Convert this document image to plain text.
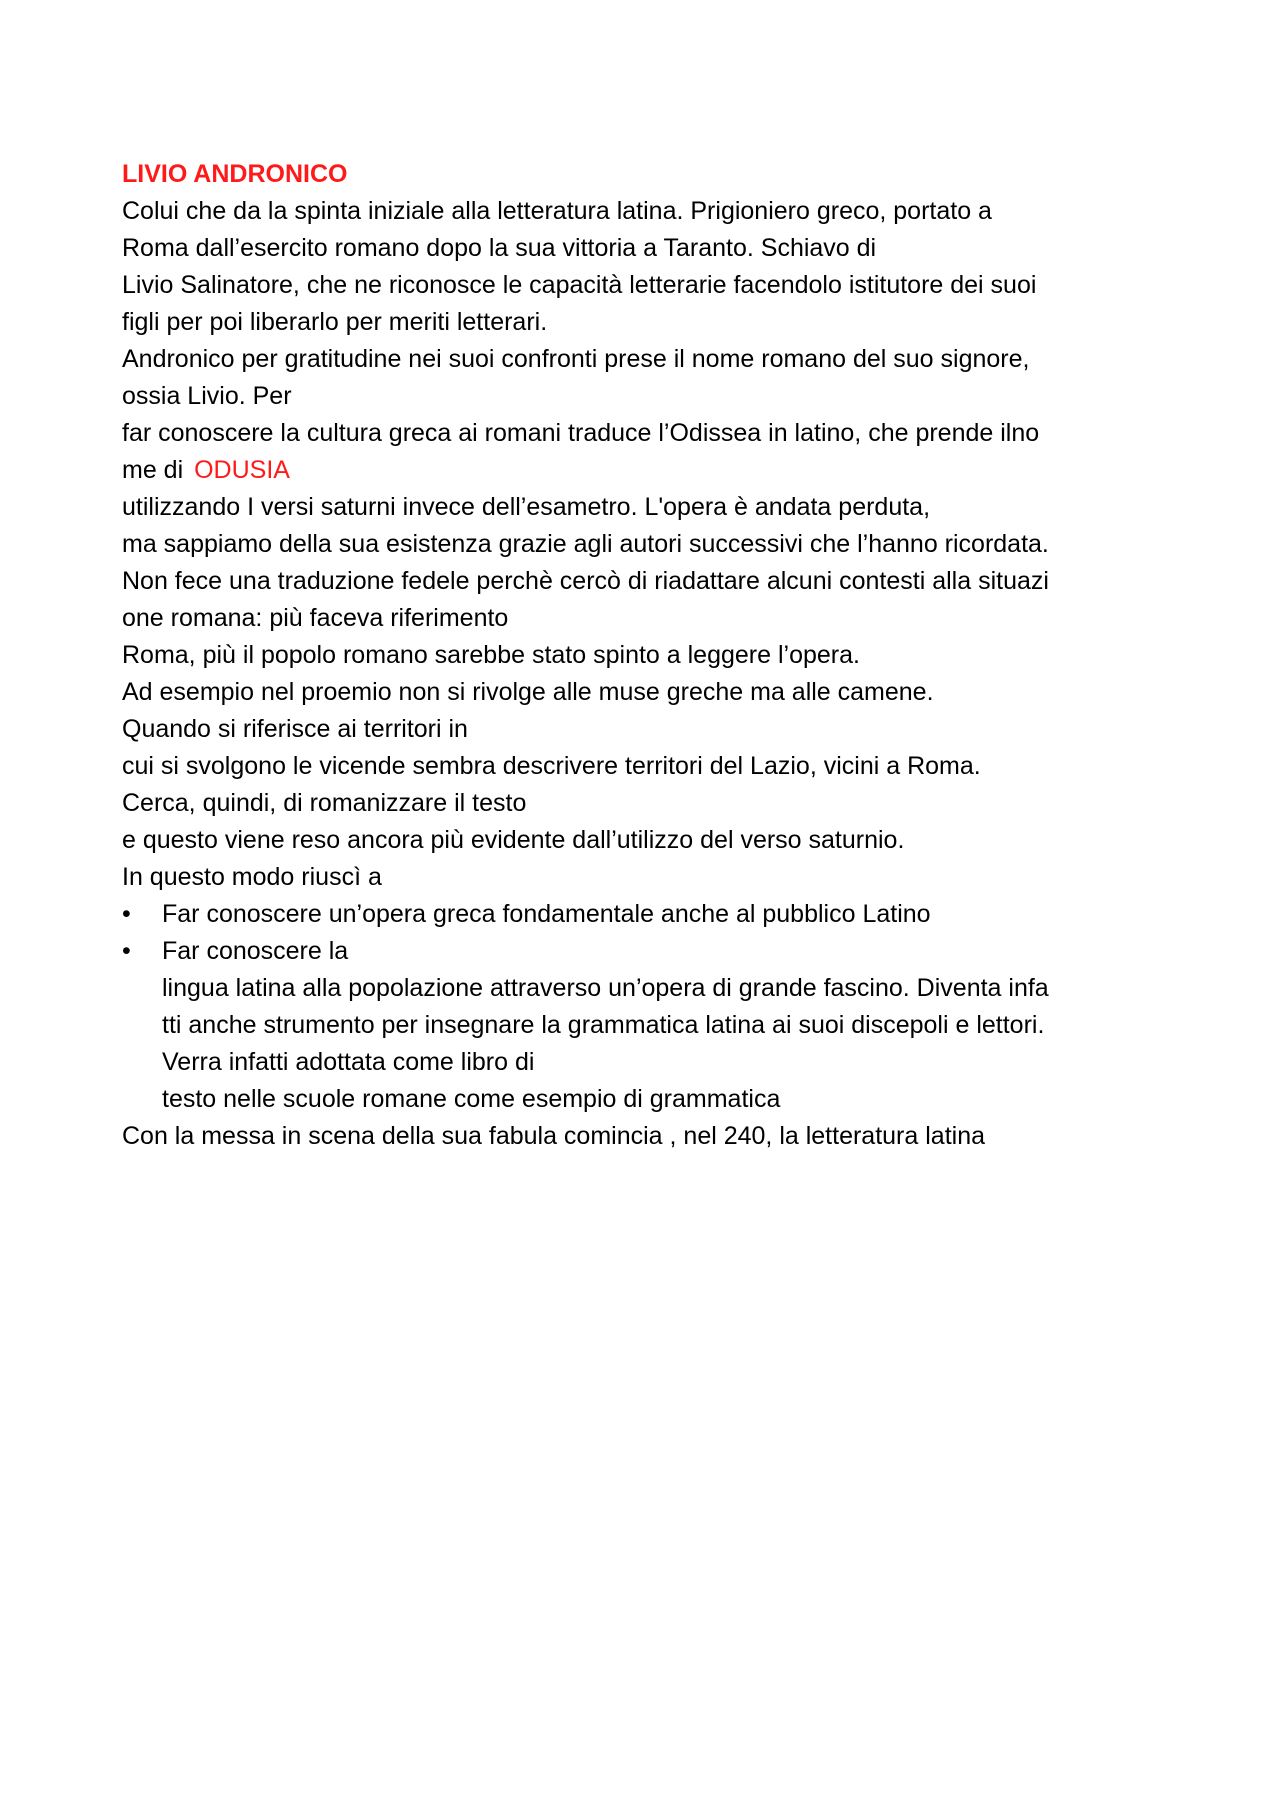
LIVIO ANDRONICO
Colui che da la spinta iniziale alla letteratura latina. Prigioniero greco, portato a
Roma dall’esercito romano dopo la sua vittoria a Taranto. Schiavo di
Livio Salinatore, che ne riconosce le capacità letterarie facendolo istitutore dei suoi
figli per poi liberarlo per meriti letterari.
Andronico per gratitudine nei suoi confronti prese il nome romano del suo signore,
ossia Livio. Per
far conoscere la cultura greca ai romani traduce l’Odissea in latino, che prende ilno
me di ODUSIA
utilizzando I versi saturni invece dell’esametro. L'opera è andata perduta,
ma sappiamo della sua esistenza grazie agli autori successivi che l’hanno ricordata.
Non fece una traduzione fedele perchè cercò di riadattare alcuni contesti alla situazi
one romana: più faceva riferimento
Roma, più il popolo romano sarebbe stato spinto a leggere l’opera.
Ad esempio nel proemio non si rivolge alle muse greche ma alle camene.
Quando si riferisce ai territori in
cui si svolgono le vicende sembra descrivere territori del Lazio, vicini a Roma.
Cerca, quindi, di romanizzare il testo
e questo viene reso ancora più evidente dall’utilizzo del verso saturnio.
In questo modo riuscì a
• Far conoscere un’opera greca fondamentale anche al pubblico Latino
• Far conoscere la
lingua latina alla popolazione attraverso un’opera di grande fascino. Diventa infa
tti anche strumento per insegnare la grammatica latina ai suoi discepoli e lettori.
Verra infatti adottata come libro di
testo nelle scuole romane come esempio di grammatica
Con la messa in scena della sua fabula comincia , nel 240, la letteratura latina
